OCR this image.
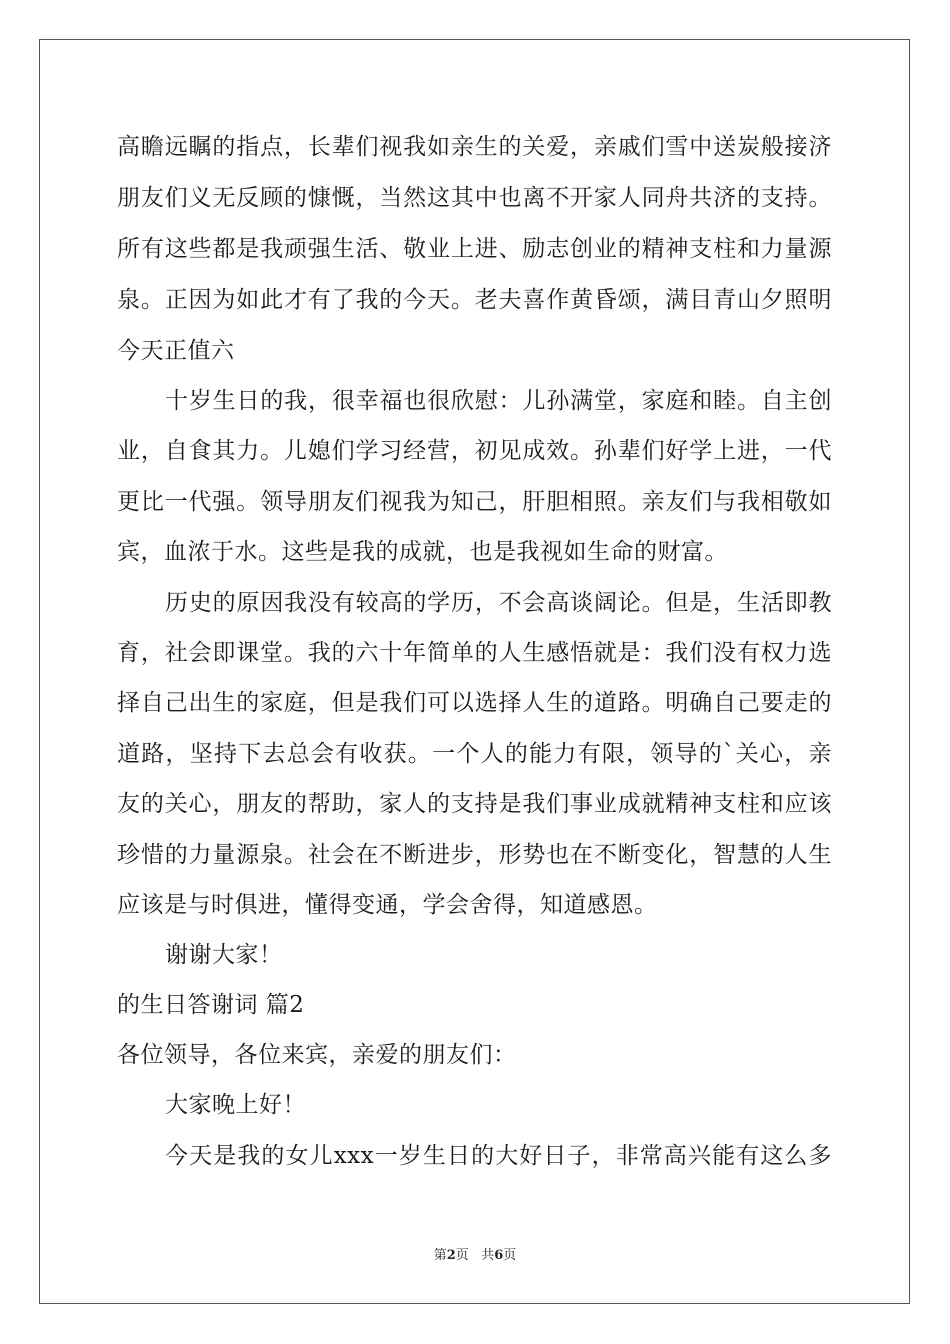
高瞻远瞩的指点，长辈们视我如亲生的关爱，亲戚们雪中送炭般接济
朋友们义无反顾的慷慨，当然这其中也离不开家人同舟共济的支持。
所有这些都是我顽强生活、敬业上进、励志创业的精神支柱和力量源
泉。正因为如此才有了我的今天。老夫喜作黄昏颂，满目青山夕照明
今天正值六
十岁生日的我，很幸福也很欣慰：儿孙满堂，家庭和睦。自主创
业，自食其力。儿媳们学习经营，初见成效。孙辈们好学上进，一代
更比一代强。领导朋友们视我为知己，肝胆相照。亲友们与我相敬如
宾，血浓于水。这些是我的成就，也是我视如生命的财富。
历史的原因我没有较高的学历，不会高谈阔论。但是，生活即教
育，社会即课堂。我的六十年简单的人生感悟就是：我们没有权力选
择自己出生的家庭，但是我们可以选择人生的道路。明确自己要走的
道路，坚持下去总会有收获。一个人的能力有限，领导的`关心，亲
友的关心，朋友的帮助，家人的支持是我们事业成就精神支柱和应该
珍惜的力量源泉。社会在不断进步，形势也在不断变化，智慧的人生
应该是与时俱进，懂得变通，学会舍得，知道感恩。
谢谢大家！
的生日答谢词 篇2
各位领导，各位来宾，亲爱的朋友们：
大家晚上好！
今天是我的女儿xxx一岁生日的大好日子，非常高兴能有这么多
第2页 共6页
